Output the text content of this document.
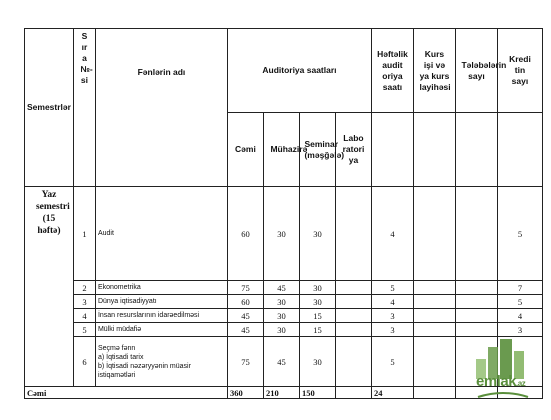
Semestrlər	Sıra №-si	Fənlərin adı	Auditoriya saatları				Həftəlik audit oriya saatı	Kurs işi və ya kurs layihəsi	Tələbələrin sayı	Kredi tin sayı

			Cəmi	Mühazirə	Seminar (məşğələ)	Laboratoriya				

Yaz semestri (15 həftə)	1	Audit	60	30	30		4			5
	2	Ekonometrika	75	45	30		5			7
	3	Dünya iqtisadiyyatı	60	30	30		4			5
	4	İnsan resurslarının idarəedilməsi	45	30	15		3			4
	5	Mülki müdafiə	45	30	15		3			3
	6	Seçmə fənn
a) İqtisadi tarix
b) İqtisadi nəzəryyənin müasir
istiqamətləri	75	45	30		5			
Cəmi			360	210	150		24			
emlak.az
